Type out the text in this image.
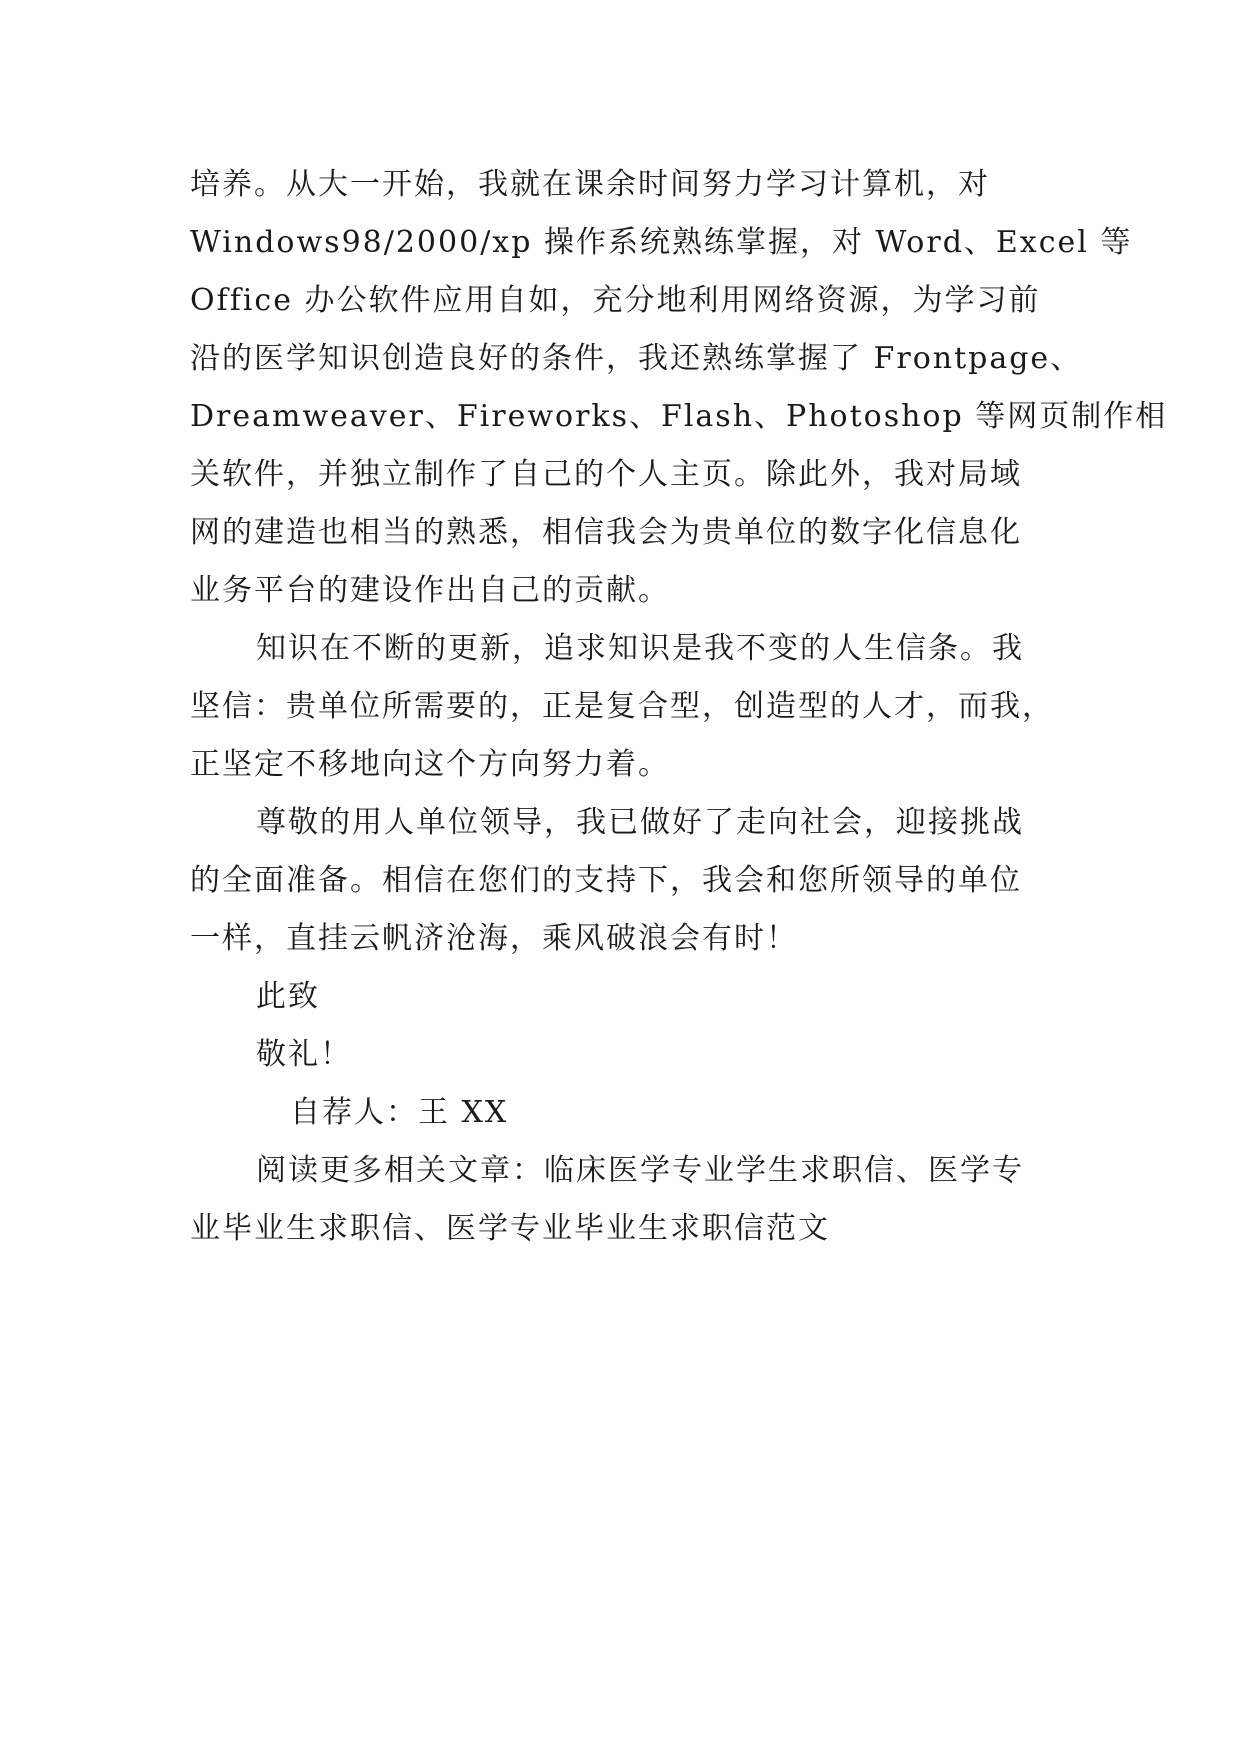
培养。从大一开始，我就在课余时间努力学习计算机，对
Windows98/2000/xp 操作系统熟练掌握，对 Word、Excel 等
Office 办公软件应用自如，充分地利用网络资源，为学习前
沿的医学知识创造良好的条件，我还熟练掌握了 Frontpage、
Dreamweaver、Fireworks、Flash、Photoshop 等网页制作相
关软件，并独立制作了自己的个人主页。除此外，我对局域
网的建造也相当的熟悉，相信我会为贵单位的数字化信息化
业务平台的建设作出自己的贡献。
知识在不断的更新，追求知识是我不变的人生信条。我
坚信：贵单位所需要的，正是复合型，创造型的人才，而我，
正坚定不移地向这个方向努力着。
尊敬的用人单位领导，我已做好了走向社会，迎接挑战
的全面准备。相信在您们的支持下，我会和您所领导的单位
一样，直挂云帆济沧海，乘风破浪会有时！
此致
敬礼！
自荐人：王 XX
阅读更多相关文章：临床医学专业学生求职信、医学专
业毕业生求职信、医学专业毕业生求职信范文
